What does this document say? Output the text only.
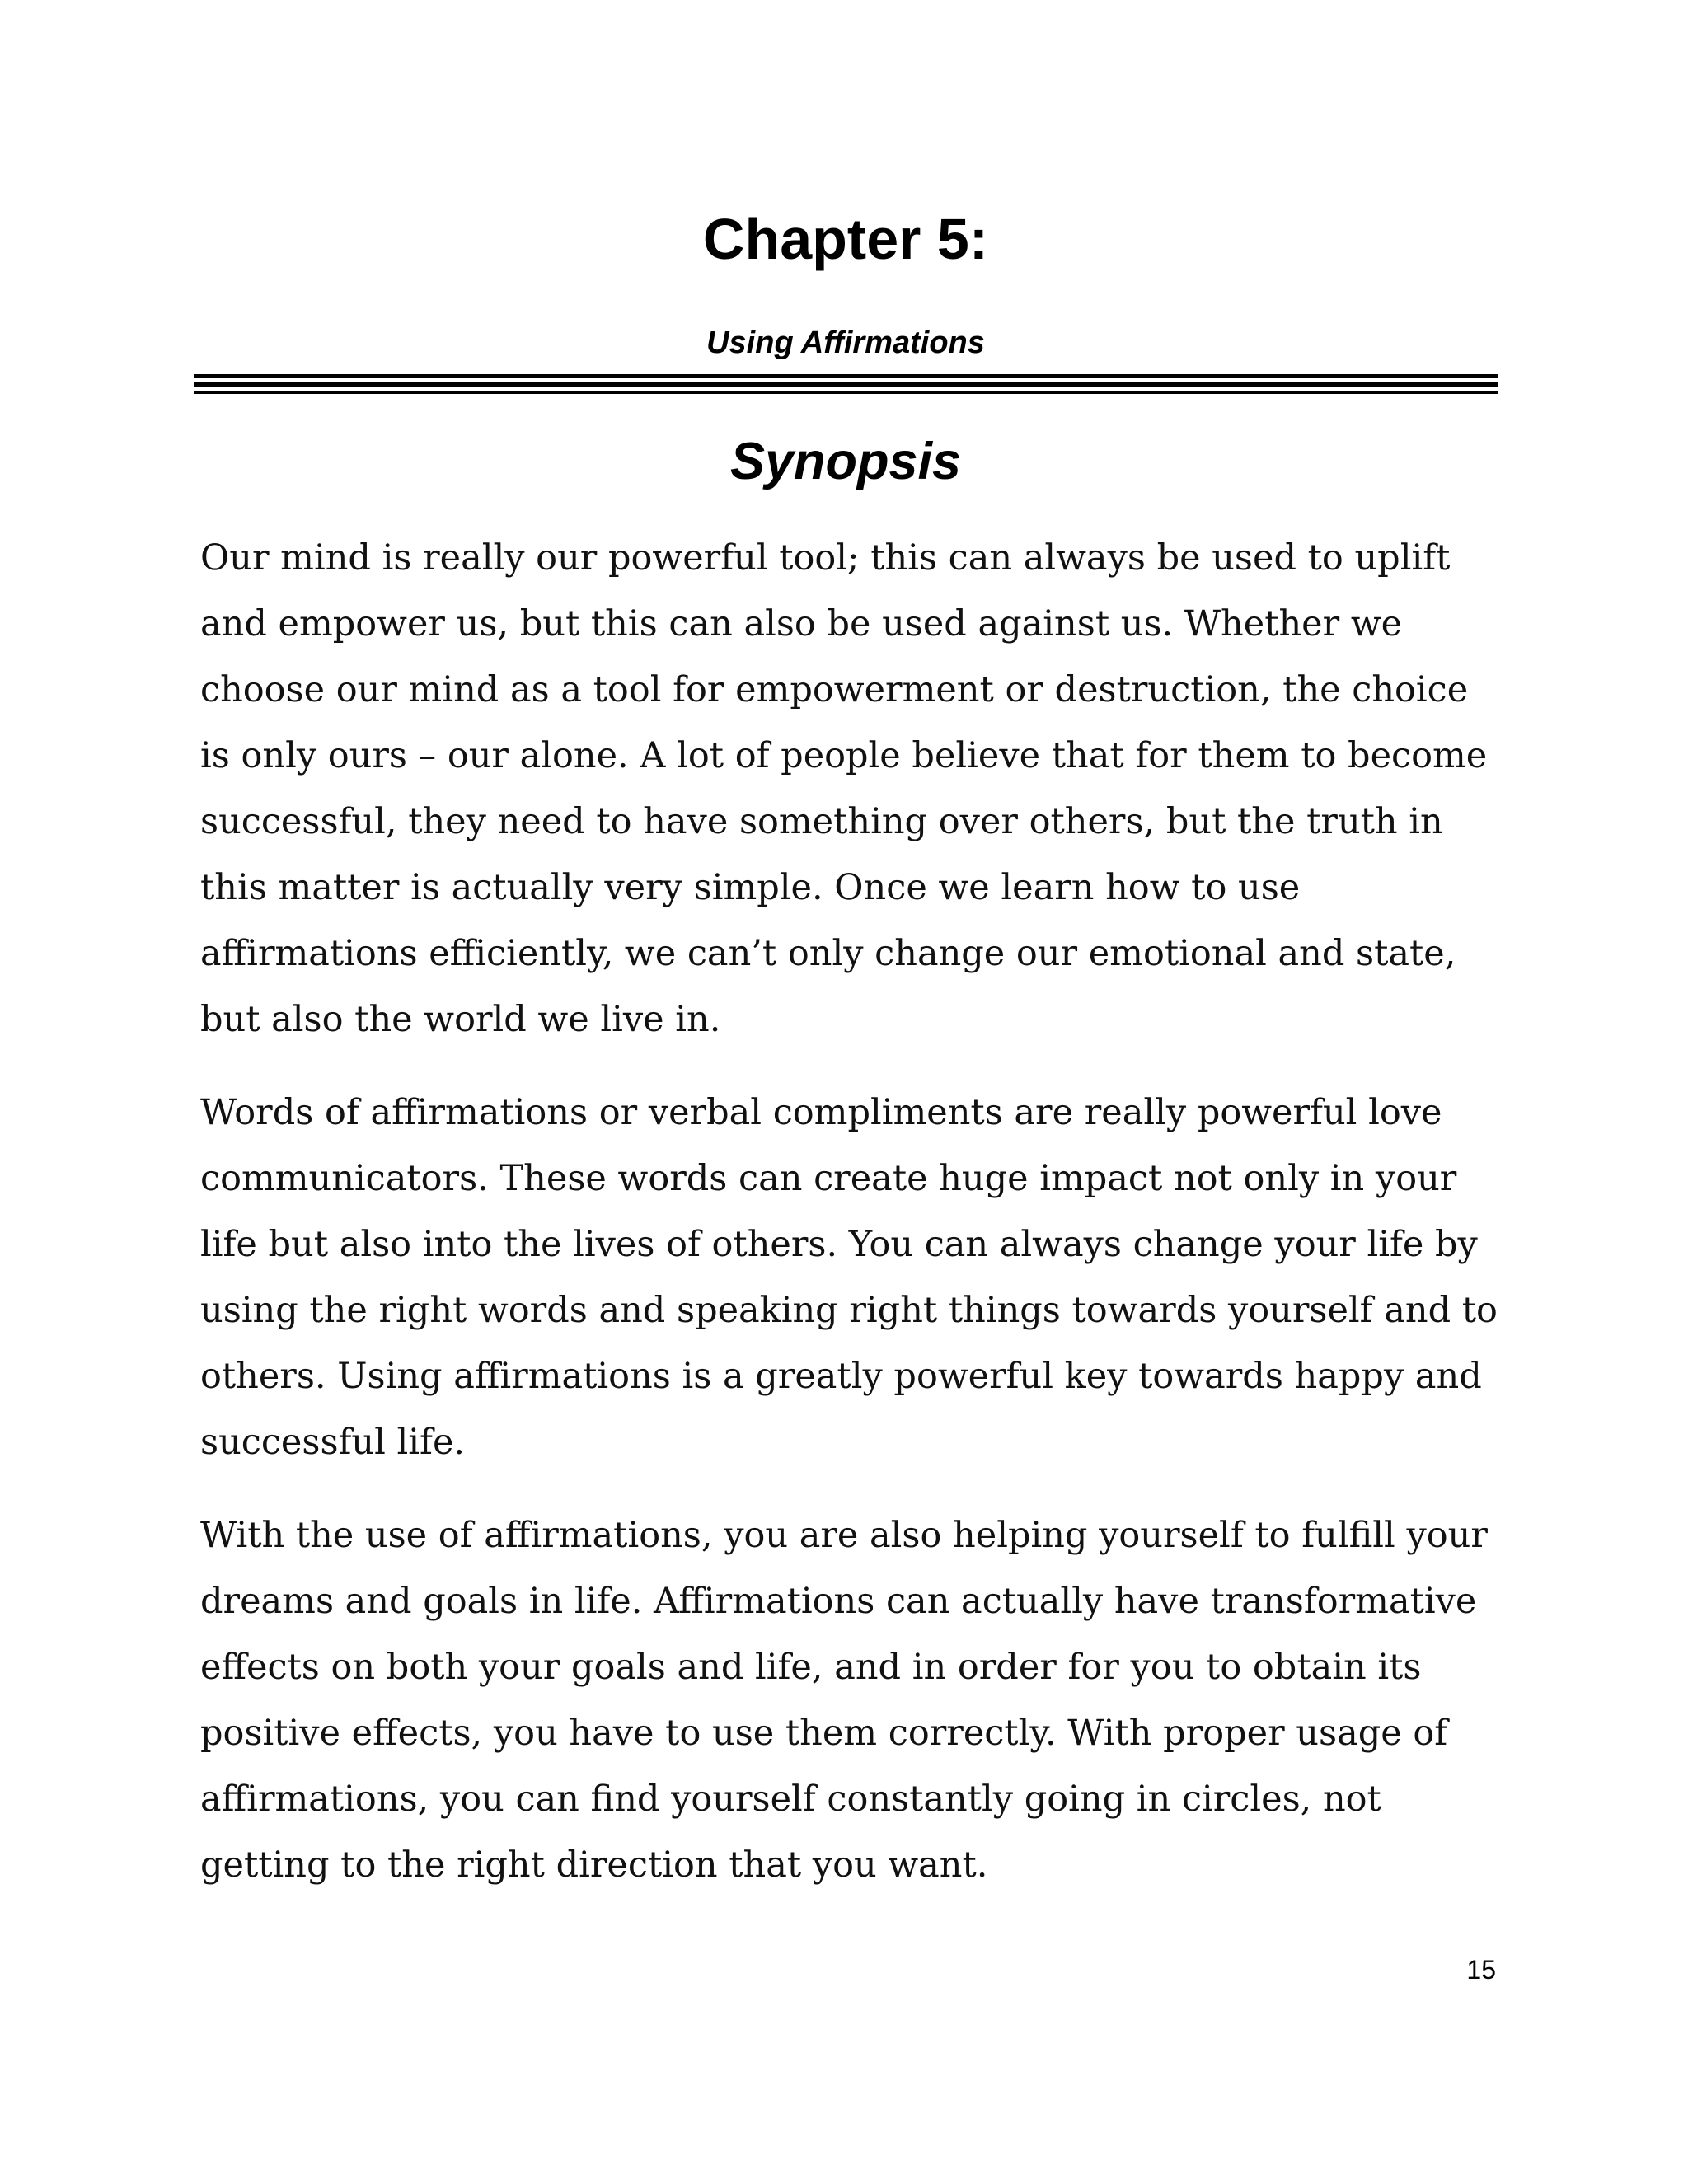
Chapter 5:
Using Affirmations
Synopsis

Our mind is really our powerful tool; this can always be used to uplift and empower us, but this can also be used against us. Whether we choose our mind as a tool for empowerment or destruction, the choice is only ours – our alone. A lot of people believe that for them to become successful, they need to have something over others, but the truth in this matter is actually very simple. Once we learn how to use affirmations efficiently, we can’t only change our emotional and state, but also the world we live in.

Words of affirmations or verbal compliments are really powerful love communicators. These words can create huge impact not only in your life but also into the lives of others. You can always change your life by using the right words and speaking right things towards yourself and to others. Using affirmations is a greatly powerful key towards happy and successful life.

With the use of affirmations, you are also helping yourself to fulfill your dreams and goals in life. Affirmations can actually have transformative effects on both your goals and life, and in order for you to obtain its positive effects, you have to use them correctly. With proper usage of affirmations, you can find yourself constantly going in circles, not getting to the right direction that you want.

15
